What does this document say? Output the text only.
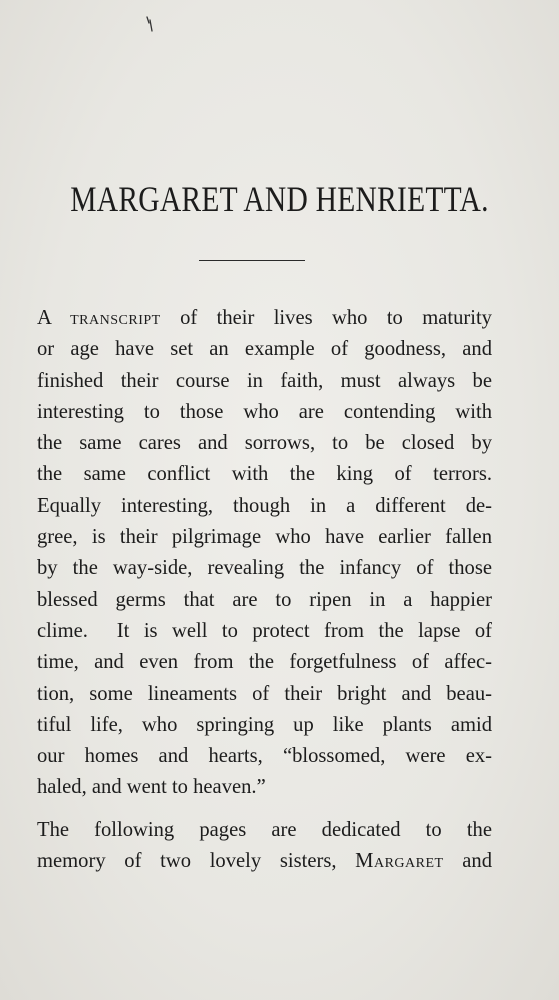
MARGARET AND HENRIETTA.
A transcript of their lives who to maturity
or age have set an example of goodness, and
finished their course in faith, must always be
interesting to those who are contending with
the same cares and sorrows, to be closed by
the same conflict with the king of terrors.
Equally interesting, though in a different de-
gree, is their pilgrimage who have earlier fallen
by the way-side, revealing the infancy of those
blessed germs that are to ripen in a happier
clime.  It is well to protect from the lapse of
time, and even from the forgetfulness of affec-
tion, some lineaments of their bright and beau-
tiful life, who springing up like plants amid
our homes and hearts, “blossomed, were ex-
haled, and went to heaven.”
The following pages are dedicated to the
memory of two lovely sisters, Margaret and
